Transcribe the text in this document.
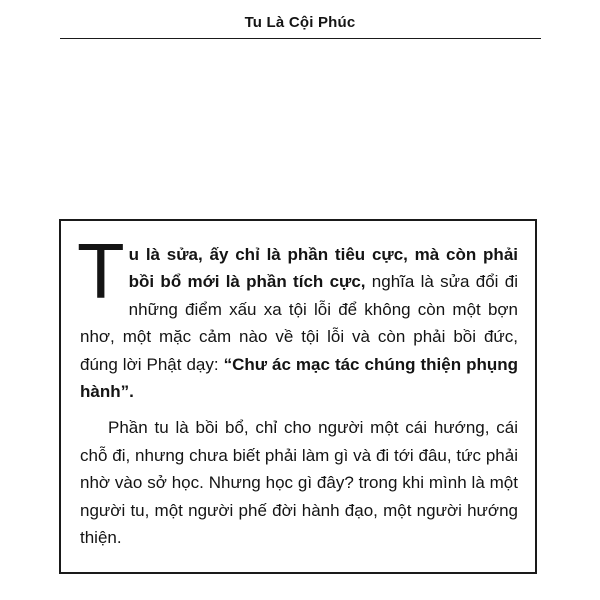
Tu Là Cội Phúc

Tu là sửa, ấy chỉ là phần tiêu cực, mà còn phải bồi bổ mới là phần tích cực, nghĩa là sửa đổi đi những điểm xấu xa tội lỗi để không còn một bợn nhơ, một mặc cảm nào về tội lỗi và còn phải bồi đức, đúng lời Phật dạy: “Chư ác mạc tác chúng thiện phụng hành”.

Phần tu là bồi bổ, chỉ cho người một cái hướng, cái chỗ đi, nhưng chưa biết phải làm gì và đi tới đâu, tức phải nhờ vào sở học. Nhưng học gì đây? trong khi mình là một người tu, một người phế đời hành đạo, một người hướng thiện.
